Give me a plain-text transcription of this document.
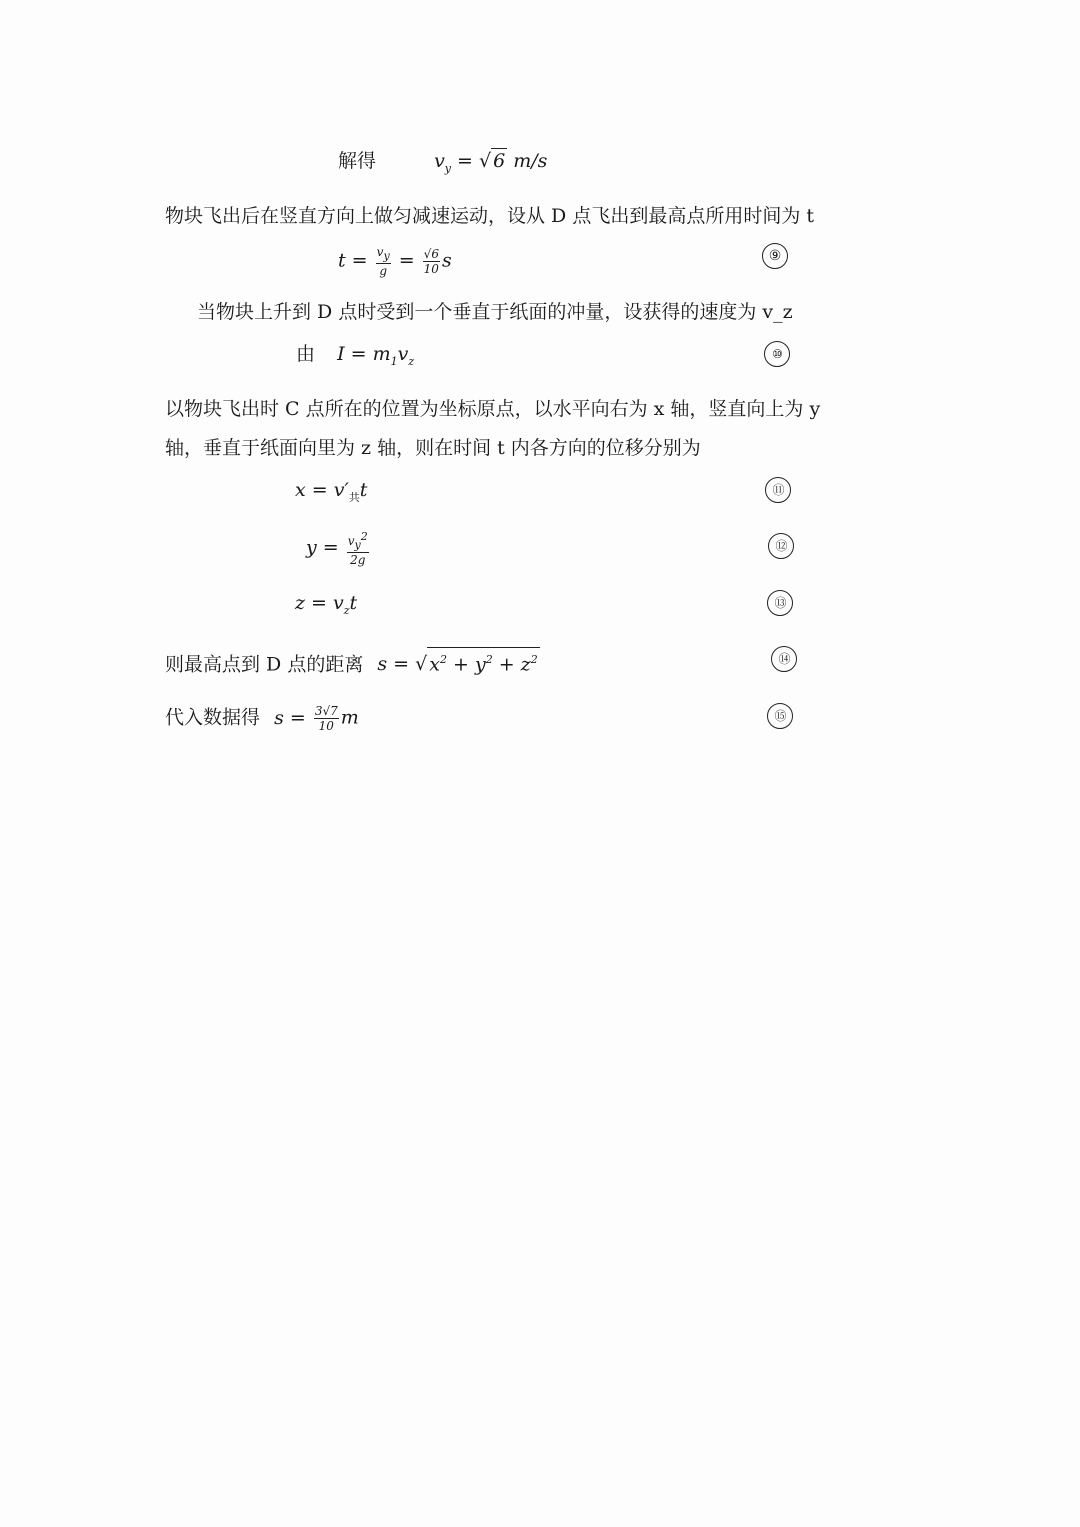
解得	$v_y$ = √ 6 m/s
物块飞出后在竖直方向上做匀减速运动，设从 D 点飞出到最高点所用时间为 t
$t = \frac{v_y}{g} = \frac{√6}{10}$ s	⑨
当物块上升到 D 点时受到一个垂直于纸面的冲量，设获得的速度为 v_z
由 $I = m_1v_z$
⑩
以物块飞出时 C 点所在的位置为坐标原点，以水平向右为 x 轴，竖直向上为 y
轴，垂直于纸面向里为 z 轴，则在时间 t 内各方向的位移分别为
$x = v'_共t$	⑪
$y = \frac{v_y^2}{2g}$	⑫
$z = v_zt$	⑬
则最高点到 D 点的距离 s = √ $x^2 + y^2 + z^2$	⑭
代入数据得 $s = \frac{3√7}{10}$ m	⑮
